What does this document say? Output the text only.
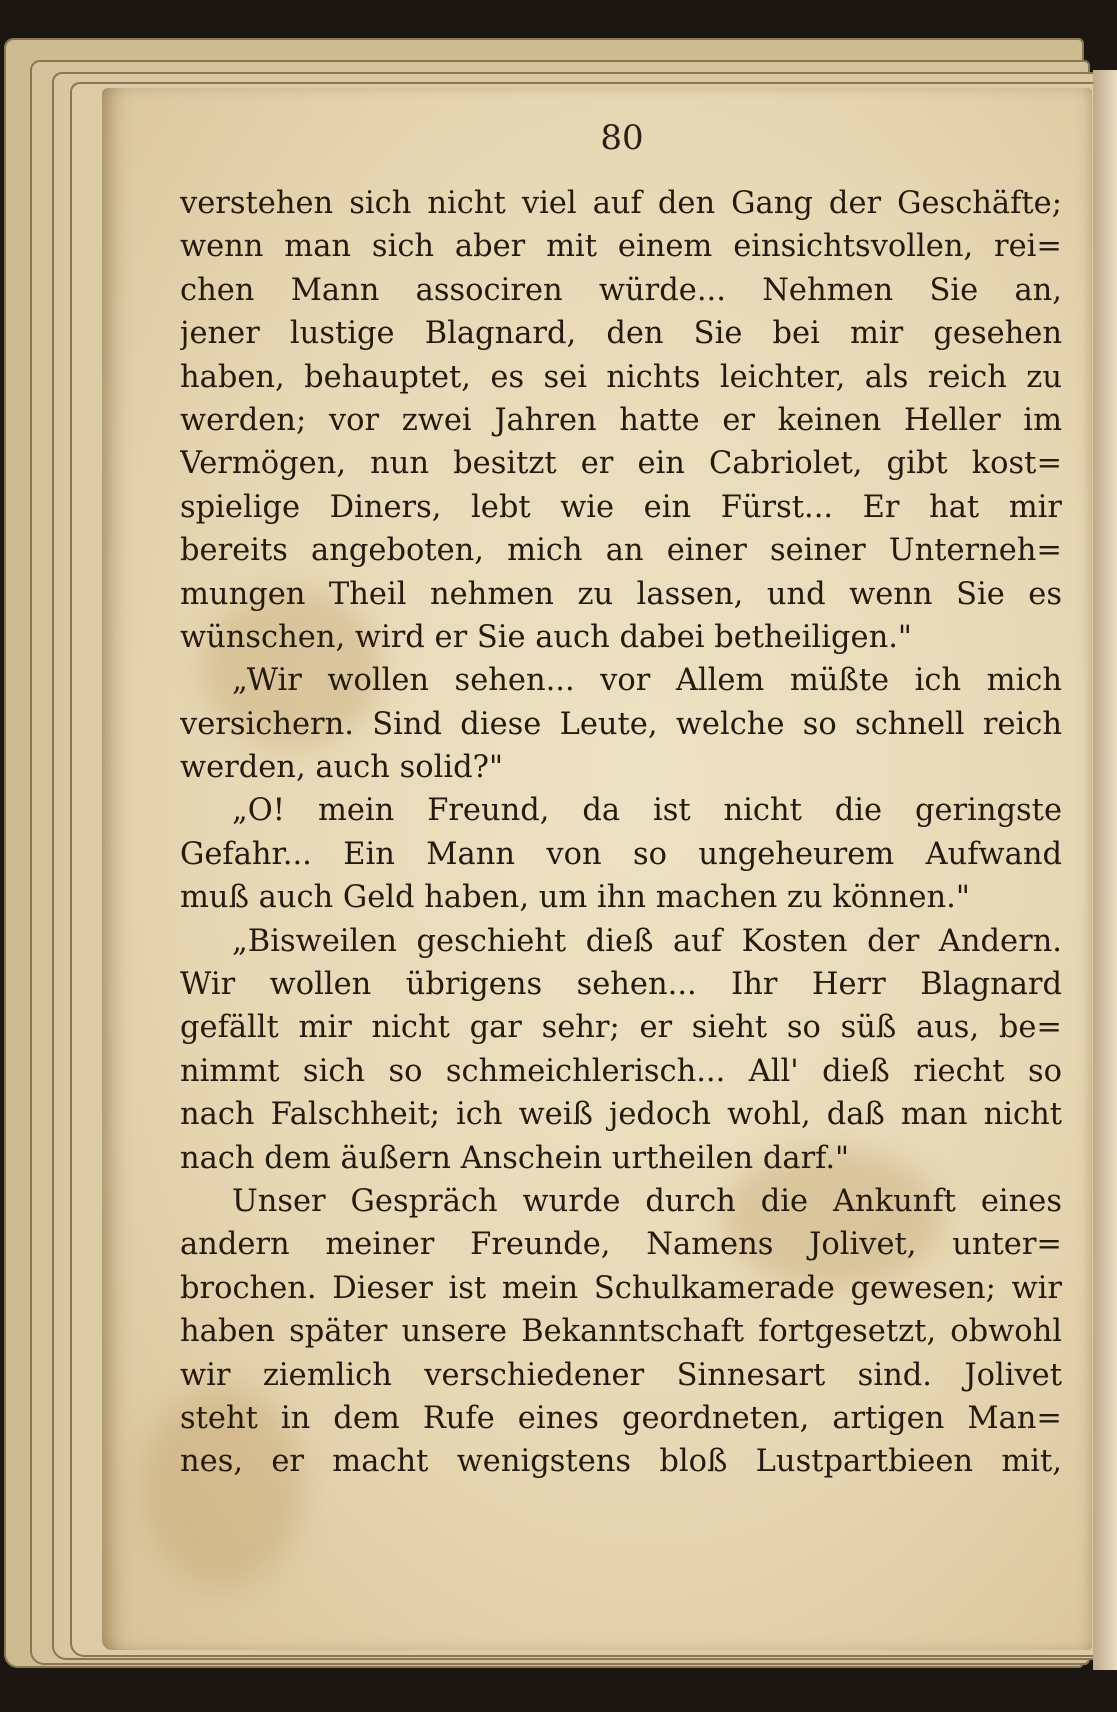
80
verstehen sich nicht viel auf den Gang der Geschäfte;
wenn man sich aber mit einem einsichtsvollen, rei=
chen Mann associren würde... Nehmen Sie an,
jener lustige Blagnard, den Sie bei mir gesehen
haben, behauptet, es sei nichts leichter, als reich zu
werden; vor zwei Jahren hatte er keinen Heller im
Vermögen, nun besitzt er ein Cabriolet, gibt kost=
spielige Diners, lebt wie ein Fürst... Er hat mir
bereits angeboten, mich an einer seiner Unterneh=
mungen Theil nehmen zu lassen, und wenn Sie es
wünschen, wird er Sie auch dabei betheiligen."
„Wir wollen sehen... vor Allem müßte ich mich
versichern. Sind diese Leute, welche so schnell reich
werden, auch solid?"
„O! mein Freund, da ist nicht die geringste
Gefahr... Ein Mann von so ungeheurem Aufwand
muß auch Geld haben, um ihn machen zu können."
„Bisweilen geschieht dieß auf Kosten der Andern.
Wir wollen übrigens sehen... Ihr Herr Blagnard
gefällt mir nicht gar sehr; er sieht so süß aus, be=
nimmt sich so schmeichlerisch... All' dieß riecht so
nach Falschheit; ich weiß jedoch wohl, daß man nicht
nach dem äußern Anschein urtheilen darf."
Unser Gespräch wurde durch die Ankunft eines
andern meiner Freunde, Namens Jolivet, unter=
brochen. Dieser ist mein Schulkamerade gewesen; wir
haben später unsere Bekanntschaft fortgesetzt, obwohl
wir ziemlich verschiedener Sinnesart sind. Jolivet
steht in dem Rufe eines geordneten, artigen Man=
nes, er macht wenigstens bloß Lustpartbieen mit,
